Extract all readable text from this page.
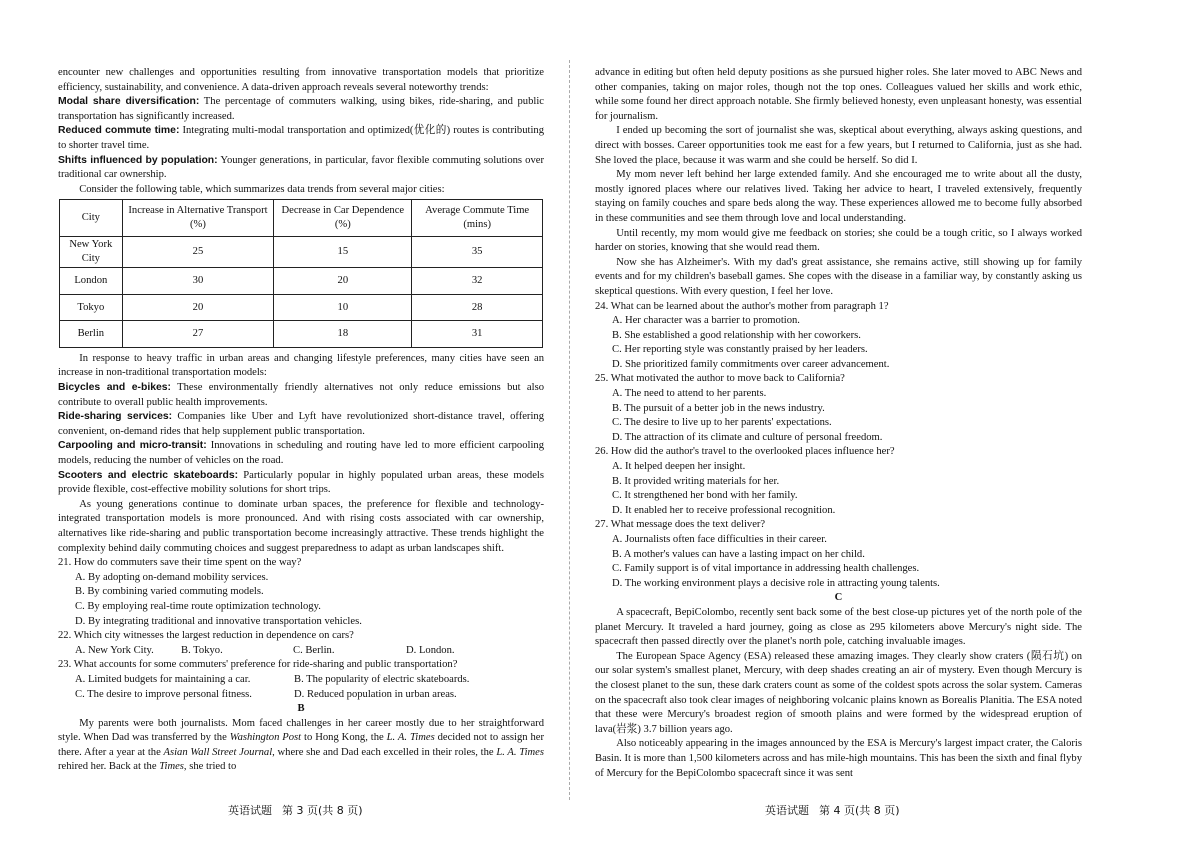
encounter new challenges and opportunities resulting from innovative transportation models that prioritize efficiency, sustainability, and convenience. A data-driven approach reveals several noteworthy trends:

Modal share diversification: The percentage of commuters walking, using bikes, ride-sharing, and public transportation has significantly increased.

Reduced commute time: Integrating multi-modal transportation and optimized(优化的) routes is contributing to shorter travel time.

Shifts influenced by population: Younger generations, in particular, favor flexible commuting solutions over traditional car ownership.

Consider the following table, which summarizes data trends from several major cities:

City	Increase in Alternative Transport (%)	Decrease in Car Dependence (%)	Average Commute Time (mins)
New York City	25	15	35
London	30	20	32
Tokyo	20	10	28
Berlin	27	18	31

In response to heavy traffic in urban areas and changing lifestyle preferences, many cities have seen an increase in non-traditional transportation models:

Bicycles and e-bikes: These environmentally friendly alternatives not only reduce emissions but also contribute to overall public health improvements.

Ride-sharing services: Companies like Uber and Lyft have revolutionized short-distance travel, offering convenient, on-demand rides that help supplement public transportation.

Carpooling and micro-transit: Innovations in scheduling and routing have led to more efficient carpooling models, reducing the number of vehicles on the road.

Scooters and electric skateboards: Particularly popular in highly populated urban areas, these models provide flexible, cost-effective mobility solutions for short trips.

As young generations continue to dominate urban spaces, the preference for flexible and technology-integrated transportation models is more pronounced. And with rising costs associated with car ownership, alternatives like ride-sharing and public transportation become increasingly attractive. These trends highlight the complexity behind daily commuting choices and suggest preparedness to adapt as urban landscapes shift.

21. How do commuters save their time spent on the way?

A. By adopting on-demand mobility services.

B. By combining varied commuting models.

C. By employing real-time route optimization technology.

D. By integrating traditional and innovative transportation vehicles.

22. Which city witnesses the largest reduction in dependence on cars?

A. New York City.	B. Tokyo.	C. Berlin.	D. London.

23. What accounts for some commuters' preference for ride-sharing and public transportation?

A. Limited budgets for maintaining a car.	B. The popularity of electric skateboards.
C. The desire to improve personal fitness.	D. Reduced population in urban areas.

B

My parents were both journalists. Mom faced challenges in her career mostly due to her straightforward style. When Dad was transferred by the Washington Post to Hong Kong, the L. A. Times decided not to assign her there. After a year at the Asian Wall Street Journal, where she and Dad each excelled in their roles, the L. A. Times rehired her. Back at the Times, she tried to

advance in editing but often held deputy positions as she pursued higher roles. She later moved to ABC News and other companies, taking on major roles, though not the top ones. Colleagues valued her skills and work ethic, while some found her direct approach notable. She firmly believed honesty, even unpleasant honesty, was essential for journalism.

I ended up becoming the sort of journalist she was, skeptical about everything, always asking questions, and direct with bosses. Career opportunities took me east for a few years, but I returned to California, just as she had. She loved the place, because it was warm and she could be herself. So did I.

My mom never left behind her large extended family. And she encouraged me to write about all the dusty, mostly ignored places where our relatives lived. Taking her advice to heart, I traveled extensively, frequently staying on family couches and spare beds along the way. These experiences allowed me to become fully absorbed in these communities and see them through love and local understanding.

Until recently, my mom would give me feedback on stories; she could be a tough critic, so I always worked harder on stories, knowing that she would read them.

Now she has Alzheimer's. With my dad's great assistance, she remains active, still showing up for family events and for my children's baseball games. She copes with the disease in a familiar way, by constantly asking us skeptical questions. With every question, I feel her love.

24. What can be learned about the author's mother from paragraph 1?

A. Her character was a barrier to promotion.

B. She established a good relationship with her coworkers.

C. Her reporting style was constantly praised by her leaders.

D. She prioritized family commitments over career advancement.

25. What motivated the author to move back to California?

A. The need to attend to her parents.

B. The pursuit of a better job in the news industry.

C. The desire to live up to her parents' expectations.

D. The attraction of its climate and culture of personal freedom.

26. How did the author's travel to the overlooked places influence her?

A. It helped deepen her insight.

B. It provided writing materials for her.

C. It strengthened her bond with her family.

D. It enabled her to receive professional recognition.

27. What message does the text deliver?

A. Journalists often face difficulties in their career.

B. A mother's values can have a lasting impact on her child.

C. Family support is of vital importance in addressing health challenges.

D. The working environment plays a decisive role in attracting young talents.

C

A spacecraft, BepiColombo, recently sent back some of the best close-up pictures yet of the north pole of the planet Mercury. It traveled a hard journey, going as close as 295 kilometers above Mercury's night side. The spacecraft then passed directly over the planet's north pole, catching invaluable images.

The European Space Agency (ESA) released these amazing images. They clearly show craters (陨石坑) on our solar system's smallest planet, Mercury, with deep shades creating an air of mystery. Even though Mercury is the closest planet to the sun, these dark craters count as some of the coldest spots across the solar system. Cameras on the spacecraft also took clear images of neighboring volcanic plains known as Borealis Planitia. The ESA noted that these were Mercury's broadest region of smooth plains and were formed by the widespread eruption of lava(岩浆) 3.7 billion years ago.

Also noticeably appearing in the images announced by the ESA is Mercury's largest impact crater, the Caloris Basin. It is more than 1,500 kilometers across and has mile-high mountains. This has been the sixth and final flyby of Mercury for the BepiColombo spacecraft since it was sent

英语试题 第 3 页(共 8 页)	英语试题 第 4 页(共 8 页)
